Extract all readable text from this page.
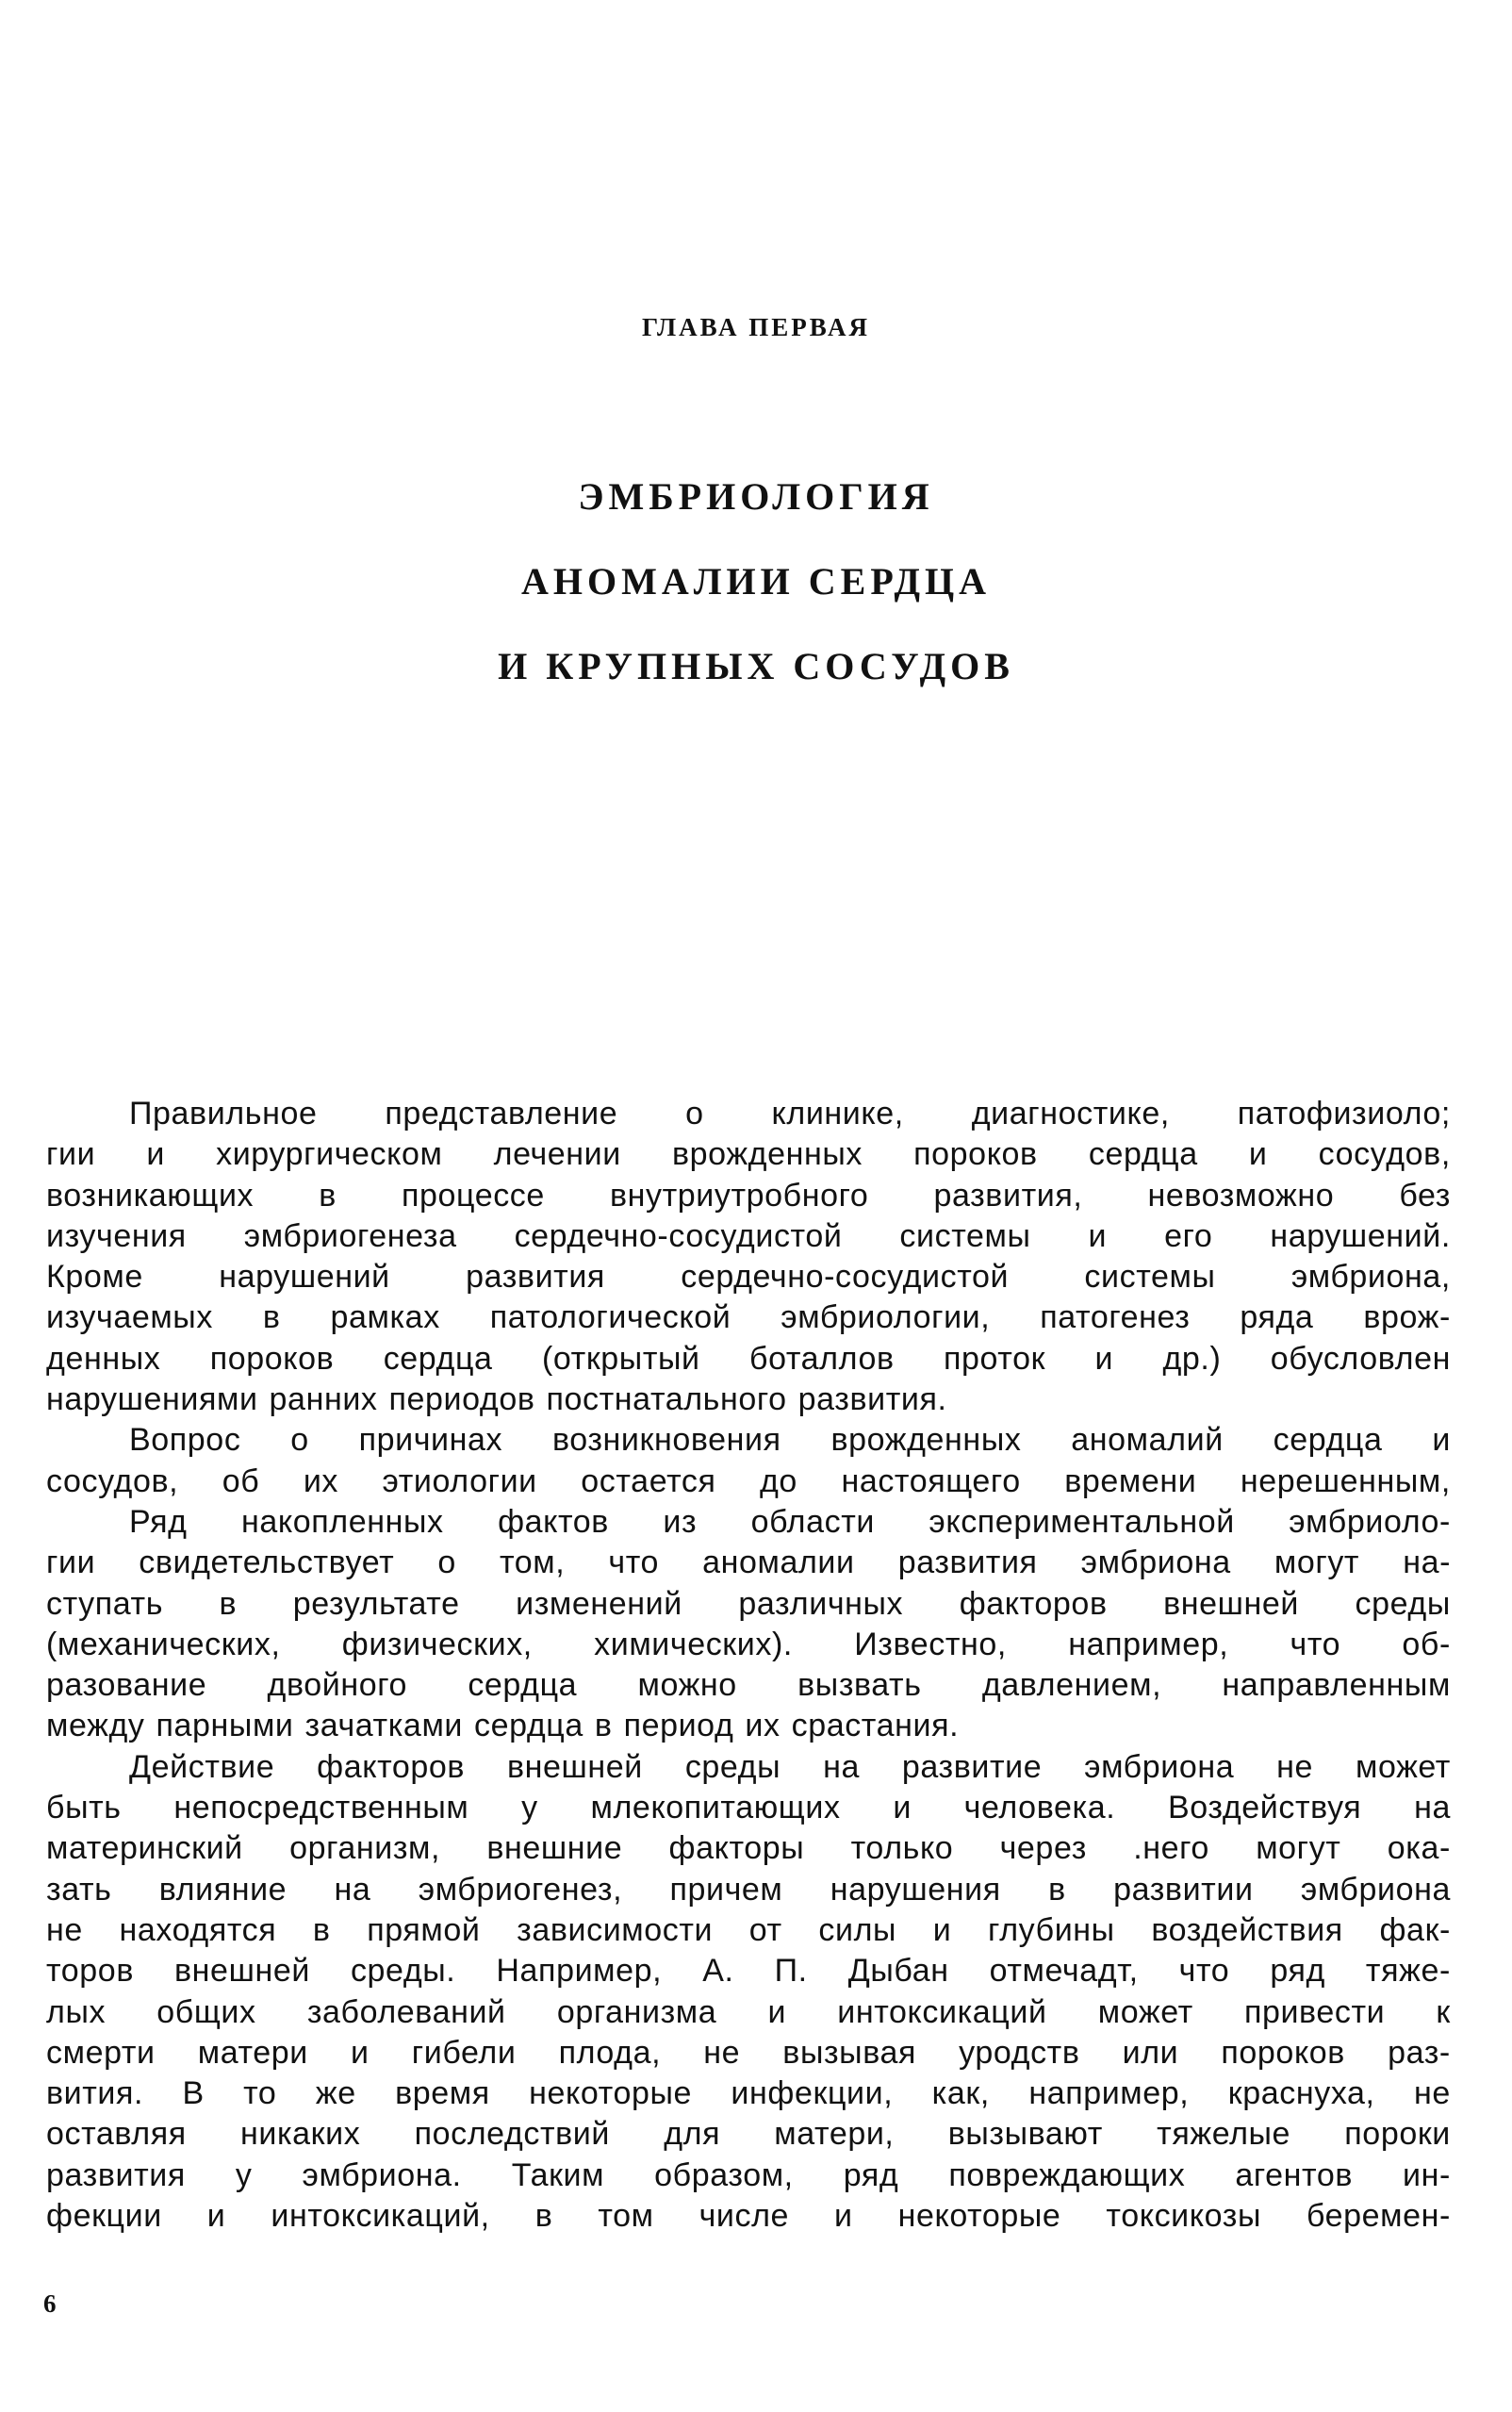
ГЛАВА ПЕРВАЯ
ЭМБРИОЛОГИЯ
АНОМАЛИИ СЕРДЦА
И КРУПНЫХ СОСУДОВ
Правильное представление о клинике, диагностике, патофизиоло;
гии и хирургическом лечении врожденных пороков сердца и сосудов,
возникающих в процессе внутриутробного развития, невозможно без
изучения эмбриогенеза сердечно-сосудистой системы и его нарушений.
Кроме нарушений развития сердечно-сосудистой системы эмбриона,
изучаемых в рамках патологической эмбриологии, патогенез ряда врож-
денных пороков сердца (открытый боталлов проток и др.) обусловлен
нарушениями ранних периодов постнатального развития.
Вопрос о причинах возникновения врожденных аномалий сердца и
сосудов, об их этиологии остается до настоящего времени нерешенным,
Ряд накопленных фактов из области экспериментальной эмбриоло-
гии свидетельствует о том, что аномалии развития эмбриона могут на-
ступать в результате изменений различных факторов внешней среды
(механических, физических, химических). Известно, например, что об-
разование двойного сердца можно вызвать давлением, направленным
между парными зачатками сердца в период их срастания.
Действие факторов внешней среды на развитие эмбриона не может
быть непосредственным у млекопитающих и человека. Воздействуя на
материнский организм, внешние факторы только через .него могут ока-
зать влияние на эмбриогенез, причем нарушения в развитии эмбриона
не находятся в прямой зависимости от силы и глубины воздействия фак-
торов внешней среды. Например, А. П. Дыбан отмечадт, что ряд тяже-
лых общих заболеваний организма и интоксикаций может привести к
смерти матери и гибели плода, не вызывая уродств или пороков раз-
вития. В то же время некоторые инфекции, как, например, краснуха, не
оставляя никаких последствий для матери, вызывают тяжелые пороки
развития у эмбриона. Таким образом, ряд повреждающих агентов ин-
фекции и интоксикаций, в том числе и некоторые токсикозы беремен-
6
